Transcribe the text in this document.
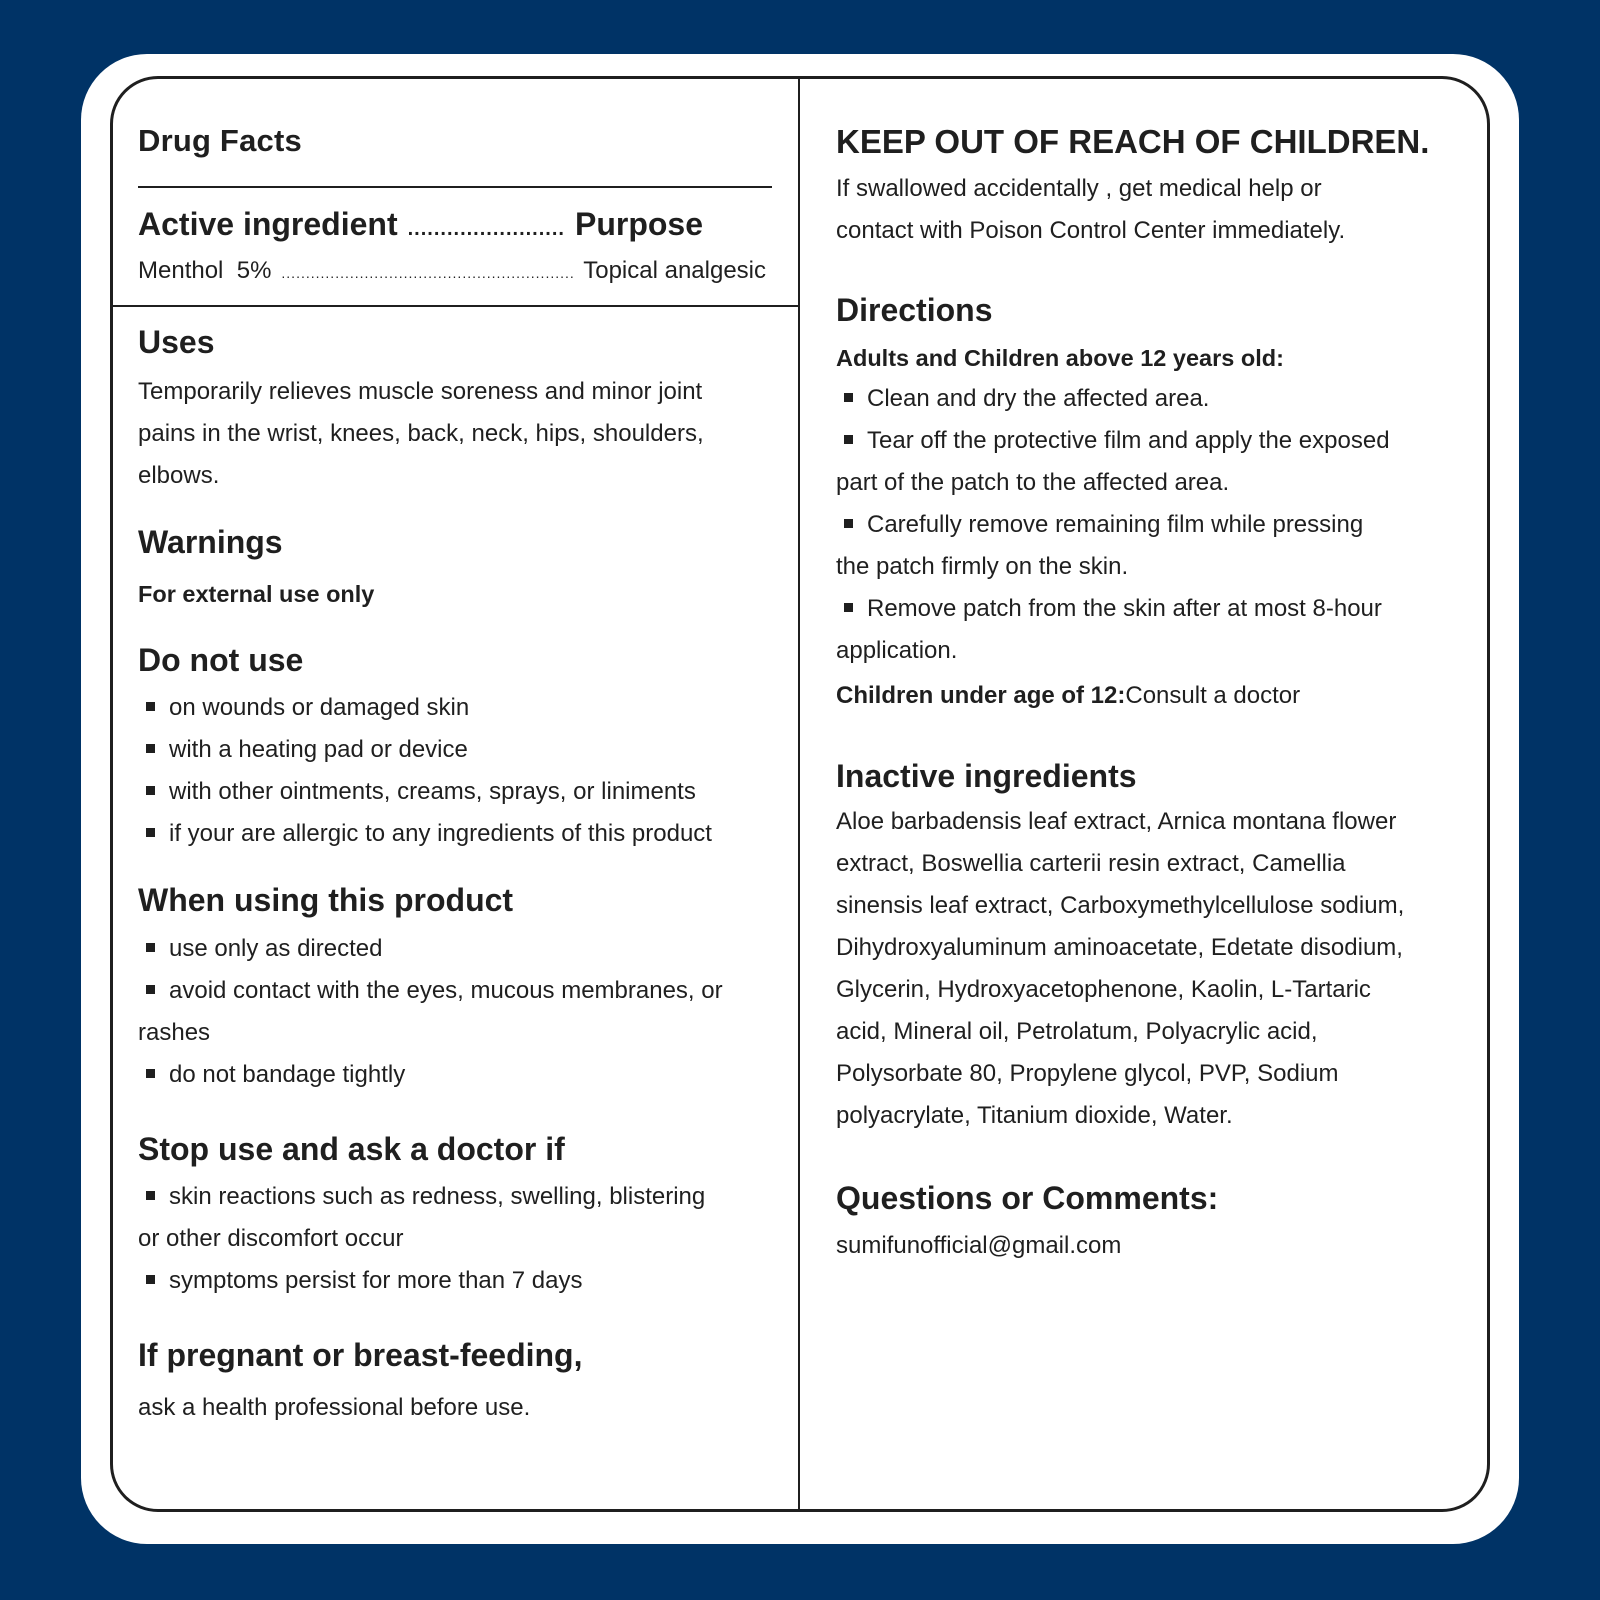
Drug Facts
Active ingredient .....	Purpose
Menthol  5% .....	Topical analgesic
Uses

Temporarily relieves muscle soreness and minor joint
pains in the wrist, knees, back, neck, hips, shoulders,
elbows.

Warnings
For external use only
Do not use
on wounds or damaged skin
with a heating pad or device
with other ointments, creams, sprays, or liniments
if your are allergic to any ingredients of this product
When using this product
use only as directed
avoid contact with the eyes, mucous membranes, or
rashes
do not bandage tightly
Stop use and ask a doctor if
skin reactions such as redness, swelling, blistering
or other discomfort occur
symptoms persist for more than 7 days
If pregnant or breast-feeding,
ask a health professional before use.
KEEP OUT OF REACH OF CHILDREN.

If swallowed accidentally , get medical help or
contact with Poison Control Center immediately.

Directions
Adults and Children above 12 years old:
Clean and dry the affected area.
Tear off the protective film and apply the exposed
part of the patch to the affected area.
Carefully remove remaining film while pressing
the patch firmly on the skin.
Remove patch from the skin after at most 8-hour
application.
Children under age of 12:Consult a doctor
Inactive ingredients

Aloe barbadensis leaf extract, Arnica montana flower
extract, Boswellia carterii resin extract, Camellia
sinensis leaf extract, Carboxymethylcellulose sodium,
Dihydroxyaluminum aminoacetate, Edetate disodium,
Glycerin, Hydroxyacetophenone, Kaolin, L-Tartaric
acid, Mineral oil, Petrolatum, Polyacrylic acid,
Polysorbate 80, Propylene glycol, PVP, Sodium
polyacrylate, Titanium dioxide, Water.

Questions or Comments:
sumifunofficial@gmail.com
